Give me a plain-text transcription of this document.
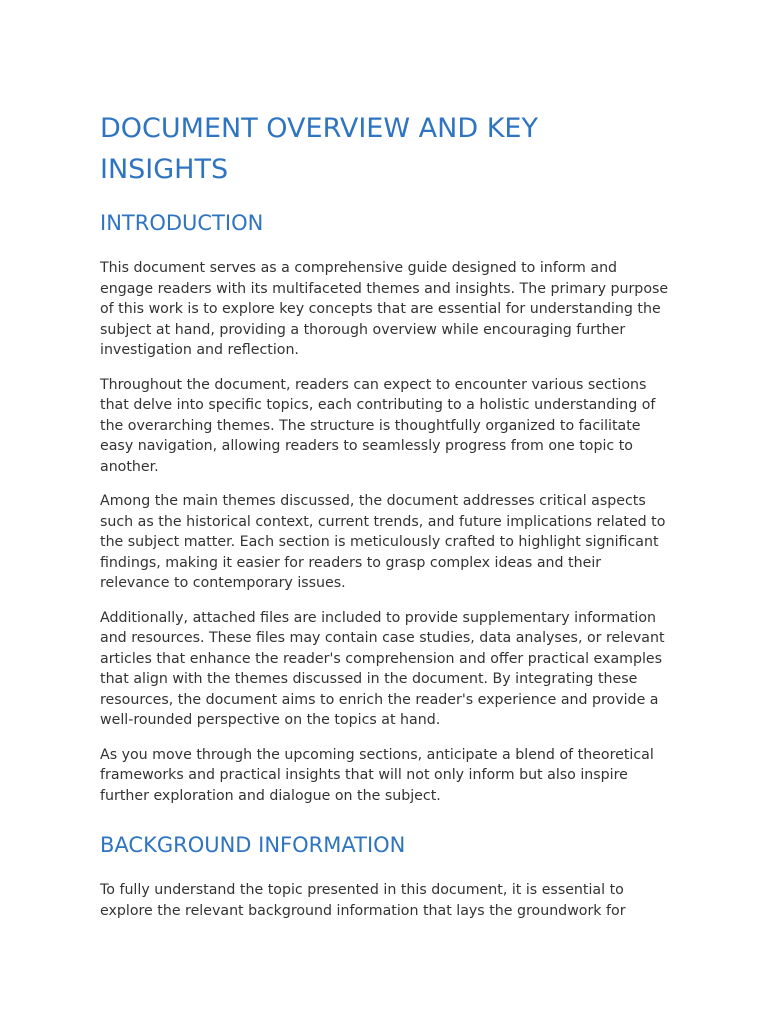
DOCUMENT OVERVIEW AND KEY INSIGHTS
INTRODUCTION

This document serves as a comprehensive guide designed to inform and engage readers with its multifaceted themes and insights. The primary purpose of this work is to explore key concepts that are essential for understanding the subject at hand, providing a thorough overview while encouraging further investigation and reflection.

Throughout the document, readers can expect to encounter various sections that delve into specific topics, each contributing to a holistic understanding of the overarching themes. The structure is thoughtfully organized to facilitate easy navigation, allowing readers to seamlessly progress from one topic to another.

Among the main themes discussed, the document addresses critical aspects such as the historical context, current trends, and future implications related to the subject matter. Each section is meticulously crafted to highlight significant findings, making it easier for readers to grasp complex ideas and their relevance to contemporary issues.

Additionally, attached files are included to provide supplementary information and resources. These files may contain case studies, data analyses, or relevant articles that enhance the reader's comprehension and offer practical examples that align with the themes discussed in the document. By integrating these resources, the document aims to enrich the reader's experience and provide a well-rounded perspective on the topics at hand.

As you move through the upcoming sections, anticipate a blend of theoretical frameworks and practical insights that will not only inform but also inspire further exploration and dialogue on the subject.

BACKGROUND INFORMATION

To fully understand the topic presented in this document, it is essential to explore the relevant background information that lays the groundwork for
